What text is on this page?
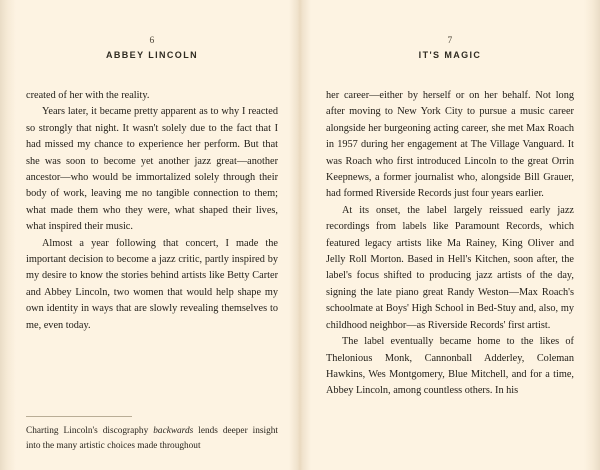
6
ABBEY LINCOLN

created of her with the reality.

Years later, it became pretty apparent as to why I reacted so strongly that night. It wasn't solely due to the fact that I had missed my chance to experience her perform. But that she was soon to become yet another jazz great—another ancestor—who would be immortalized solely through their body of work, leaving me no tangible connection to them; what made them who they were, what shaped their lives, what inspired their music.

Almost a year following that concert, I made the important decision to become a jazz critic, partly inspired by my desire to know the stories behind artists like Betty Carter and Abbey Lincoln, two women that would help shape my own identity in ways that are slowly revealing themselves to me, even today.

Charting Lincoln's discography backwards lends deeper insight into the many artistic choices made throughout
7
IT'S MAGIC

her career—either by herself or on her behalf. Not long after moving to New York City to pursue a music career alongside her burgeoning acting career, she met Max Roach in 1957 during her engagement at The Village Vanguard. It was Roach who first introduced Lincoln to the great Orrin Keepnews, a former journalist who, alongside Bill Grauer, had formed Riverside Records just four years earlier.

At its onset, the label largely reissued early jazz recordings from labels like Paramount Records, which featured legacy artists like Ma Rainey, King Oliver and Jelly Roll Morton. Based in Hell's Kitchen, soon after, the label's focus shifted to producing jazz artists of the day, signing the late piano great Randy Weston—Max Roach's schoolmate at Boys' High School in Bed-Stuy and, also, my childhood neighbor—as Riverside Records' first artist.

The label eventually became home to the likes of Thelonious Monk, Cannonball Adderley, Coleman Hawkins, Wes Montgomery, Blue Mitchell, and for a time, Abbey Lincoln, among countless others. In his
